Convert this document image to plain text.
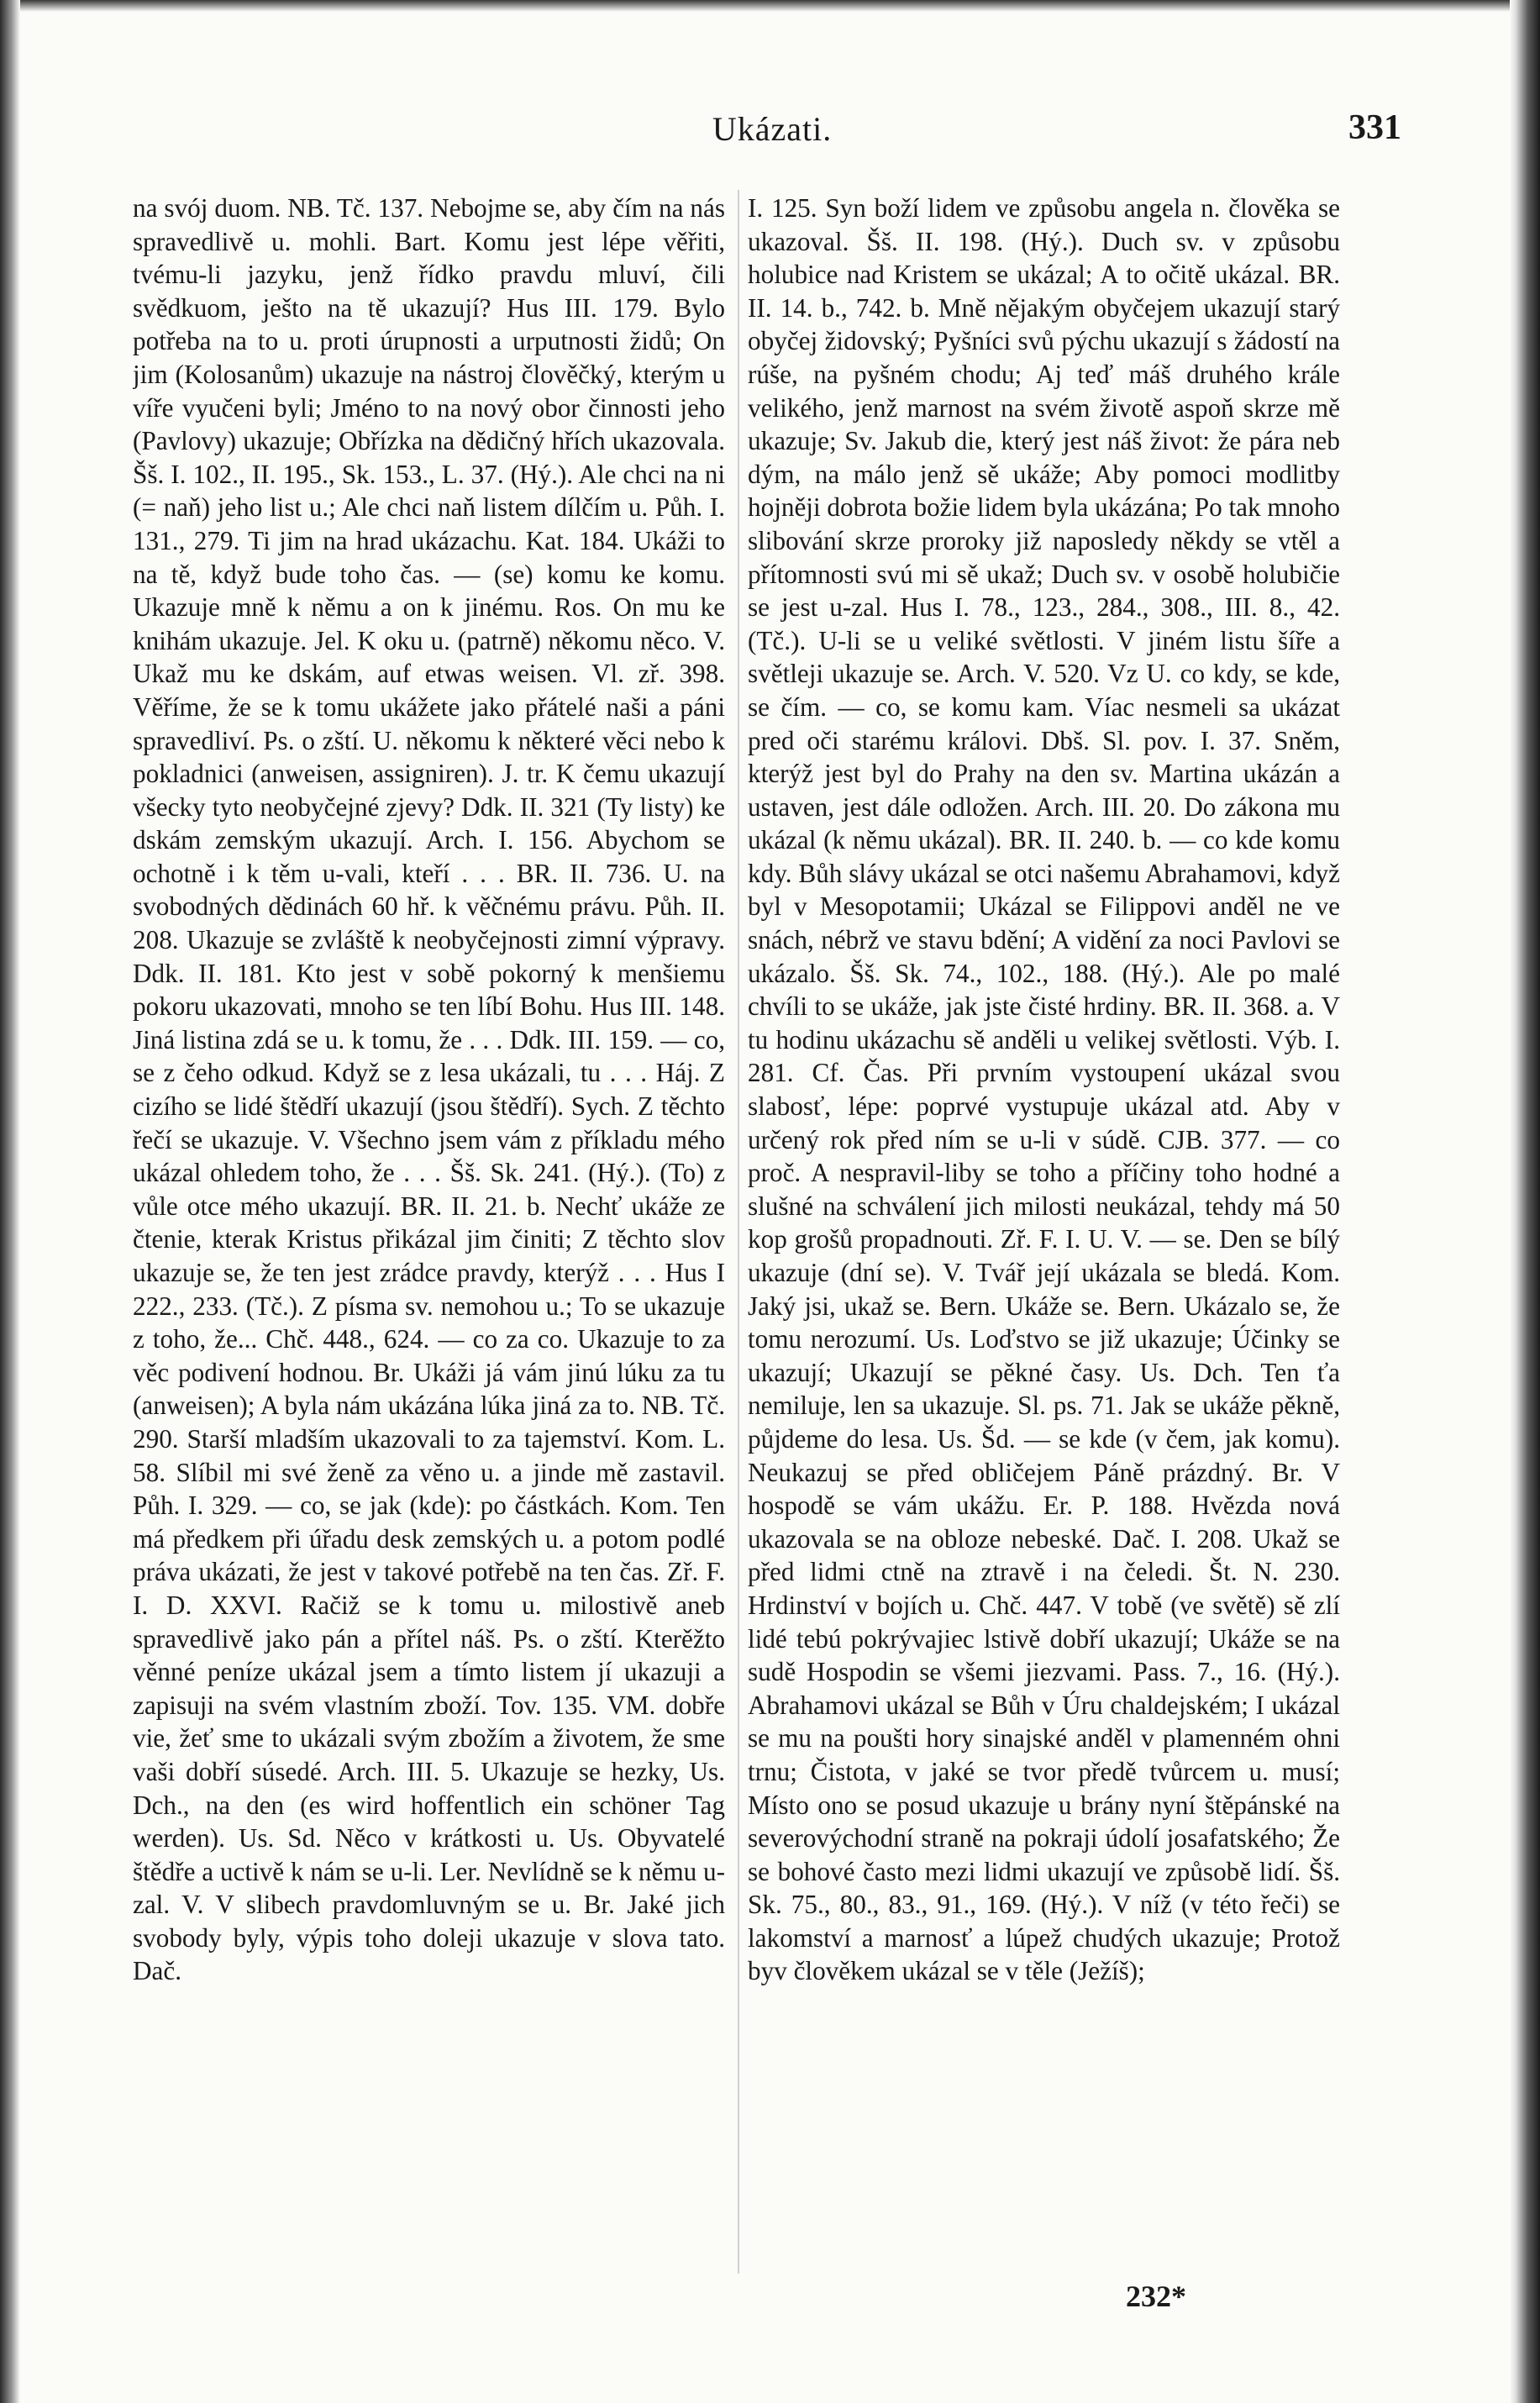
Ukázati.	331

na svój duom. NB. Tč. 137. Nebojme se, aby čím na nás spravedlivě u. mohli. Bart. Komu jest lépe věřiti, tvému-li jazyku, jenž řídko pravdu mluví, čili svědkuom, ješto na tě ukazují? Hus III. 179. Bylo potřeba na to u. proti úrupnosti a urputnosti židů; On jim (Kolosanům) ukazuje na nástroj člověčký, kterým u víře vyučeni byli; Jméno to na nový obor činnosti jeho (Pavlovy) ukazuje; Obřízka na dědičný hřích ukazovala. Šš. I. 102., II. 195., Sk. 153., L. 37. (Hý.). Ale chci na ni (= naň) jeho list u.; Ale chci naň listem dílčím u. Půh. I. 131., 279. Ti jim na hrad ukázachu. Kat. 184. Ukáži to na tě, když bude toho čas. — (se) komu ke komu. Ukazuje mně k němu a on k jinému. Ros. On mu ke knihám ukazuje. Jel. K oku u. (patrně) někomu něco. V. Ukaž mu ke dskám, auf etwas weisen. Vl. zř. 398. Věříme, že se k tomu ukážete jako přátelé naši a páni spravedliví. Ps. o zští. U. někomu k některé věci nebo k pokladnici (anweisen, assigniren). J. tr. K čemu ukazují všecky tyto neobyčejné zjevy? Ddk. II. 321 (Ty listy) ke dskám zemským ukazují. Arch. I. 156. Abychom se ochotně i k těm u-vali, kteří . . . BR. II. 736. U. na svobodných dědinách 60 hř. k věčnému právu. Půh. II. 208. Ukazuje se zvláště k neobyčejnosti zimní výpravy. Ddk. II. 181. Kto jest v sobě pokorný k menšiemu pokoru ukazovati, mnoho se ten líbí Bohu. Hus III. 148. Jiná listina zdá se u. k tomu, že . . . Ddk. III. 159. — co, se z čeho odkud. Když se z lesa ukázali, tu . . . Háj. Z cizího se lidé štědří ukazují (jsou štědří). Sych. Z těchto řečí se ukazuje. V. Všechno jsem vám z příkladu mého ukázal ohledem toho, že . . . Šš. Sk. 241. (Hý.). (To) z vůle otce mého ukazují. BR. II. 21. b. Nechť ukáže ze čtenie, kterak Kristus přikázal jim činiti; Z těchto slov ukazuje se, že ten jest zrádce pravdy, kterýž . . . Hus I 222., 233. (Tč.). Z písma sv. nemohou u.; To se ukazuje z toho, že... Chč. 448., 624. — co za co. Ukazuje to za věc podivení hodnou. Br. Ukáži já vám jinú lúku za tu (anweisen); A byla nám ukázána lúka jiná za to. NB. Tč. 290. Starší mladším ukazovali to za tajemství. Kom. L. 58. Slíbil mi své ženě za věno u. a jinde mě zastavil. Půh. I. 329. — co, se jak (kde): po částkách. Kom. Ten má předkem při úřadu desk zemských u. a potom podlé práva ukázati, že jest v takové potřebě na ten čas. Zř. F. I. D. XXVI. Račiž se k tomu u. milostivě aneb spravedlivě jako pán a přítel náš. Ps. o zští. Kterěžto věnné peníze ukázal jsem a tímto listem jí ukazuji a zapisuji na svém vlastním zboží. Tov. 135. VM. dobře vie, žeť sme to ukázali svým zbožím a životem, že sme vaši dobří súsedé. Arch. III. 5. Ukazuje se hezky, Us. Dch., na den (es wird hoffentlich ein schöner Tag werden). Us. Sd. Něco v krátkosti u. Us. Obyvatelé štědře a uctivě k nám se u-li. Ler. Nevlídně se k němu u-zal. V. V slibech pravdomluvným se u. Br. Jaké jich svobody byly, výpis toho doleji ukazuje v slova tato. Dač.

I. 125. Syn boží lidem ve způsobu angela n. člověka se ukazoval. Šš. II. 198. (Hý.). Duch sv. v způsobu holubice nad Kristem se ukázal; A to očitě ukázal. BR. II. 14. b., 742. b. Mně nějakým obyčejem ukazují starý obyčej židovský; Pyšníci svů pýchu ukazují s žádostí na rúše, na pyšném chodu; Aj teď máš druhého krále velikého, jenž marnost na svém životě aspoň skrze mě ukazuje; Sv. Jakub die, který jest náš život: že pára neb dým, na málo jenž sě ukáže; Aby pomoci modlitby hojněji dobrota božie lidem byla ukázána; Po tak mnoho slibování skrze proroky již naposledy někdy se vtěl a přítomnosti svú mi sě ukaž; Duch sv. v osobě holubičie se jest u-zal. Hus I. 78., 123., 284., 308., III. 8., 42. (Tč.). U-li se u veliké světlosti. V jiném listu šíře a světleji ukazuje se. Arch. V. 520. Vz U. co kdy, se kde, se čím. — co, se komu kam. Víac nesmeli sa ukázat pred oči starému královi. Dbš. Sl. pov. I. 37. Sněm, kterýž jest byl do Prahy na den sv. Martina ukázán a ustaven, jest dále odložen. Arch. III. 20. Do zákona mu ukázal (k němu ukázal). BR. II. 240. b. — co kde komu kdy. Bůh slávy ukázal se otci našemu Abrahamovi, když byl v Mesopotamii; Ukázal se Filippovi anděl ne ve snách, nébrž ve stavu bdění; A vidění za noci Pavlovi se ukázalo. Šš. Sk. 74., 102., 188. (Hý.). Ale po malé chvíli to se ukáže, jak jste čisté hrdiny. BR. II. 368. a. V tu hodinu ukázachu sě anděli u velikej světlosti. Výb. I. 281. Cf. Čas. Při prvním vystoupení ukázal svou slabosť, lépe: poprvé vystupuje ukázal atd. Aby v určený rok před ním se u-li v súdě. CJB. 377. — co proč. A nespravil-liby se toho a příčiny toho hodné a slušné na schválení jich milosti neukázal, tehdy má 50 kop grošů propadnouti. Zř. F. I. U. V. — se. Den se bílý ukazuje (dní se). V. Tvář její ukázala se bledá. Kom. Jaký jsi, ukaž se. Bern. Ukáže se. Bern. Ukázalo se, že tomu nerozumí. Us. Loďstvo se již ukazuje; Účinky se ukazují; Ukazují se pěkné časy. Us. Dch. Ten ťa nemiluje, len sa ukazuje. Sl. ps. 71. Jak se ukáže pěkně, půjdeme do lesa. Us. Šd. — se kde (v čem, jak komu). Neukazuj se před obličejem Páně prázdný. Br. V hospodě se vám ukážu. Er. P. 188. Hvězda nová ukazovala se na obloze nebeské. Dač. I. 208. Ukaž se před lidmi ctně na ztravě i na čeledi. Št. N. 230. Hrdinství v bojích u. Chč. 447. V tobě (ve světě) sě zlí lidé tebú pokrývajiec lstivě dobří ukazují; Ukáže se na sudě Hospodin se všemi jiezvami. Pass. 7., 16. (Hý.). Abrahamovi ukázal se Bůh v Úru chaldejském; I ukázal se mu na poušti hory sinajské anděl v plamenném ohni trnu; Čistota, v jaké se tvor předě tvůrcem u. musí; Místo ono se posud ukazuje u brány nyní štěpánské na severovýchodní straně na pokraji údolí josafatského; Že se bohové často mezi lidmi ukazují ve způsobě lidí. Šš. Sk. 75., 80., 83., 91., 169. (Hý.). V níž (v této řeči) se lakomství a marnosť a lúpež chudých ukazuje; Protož byv člověkem ukázal se v těle (Ježíš);

232*
